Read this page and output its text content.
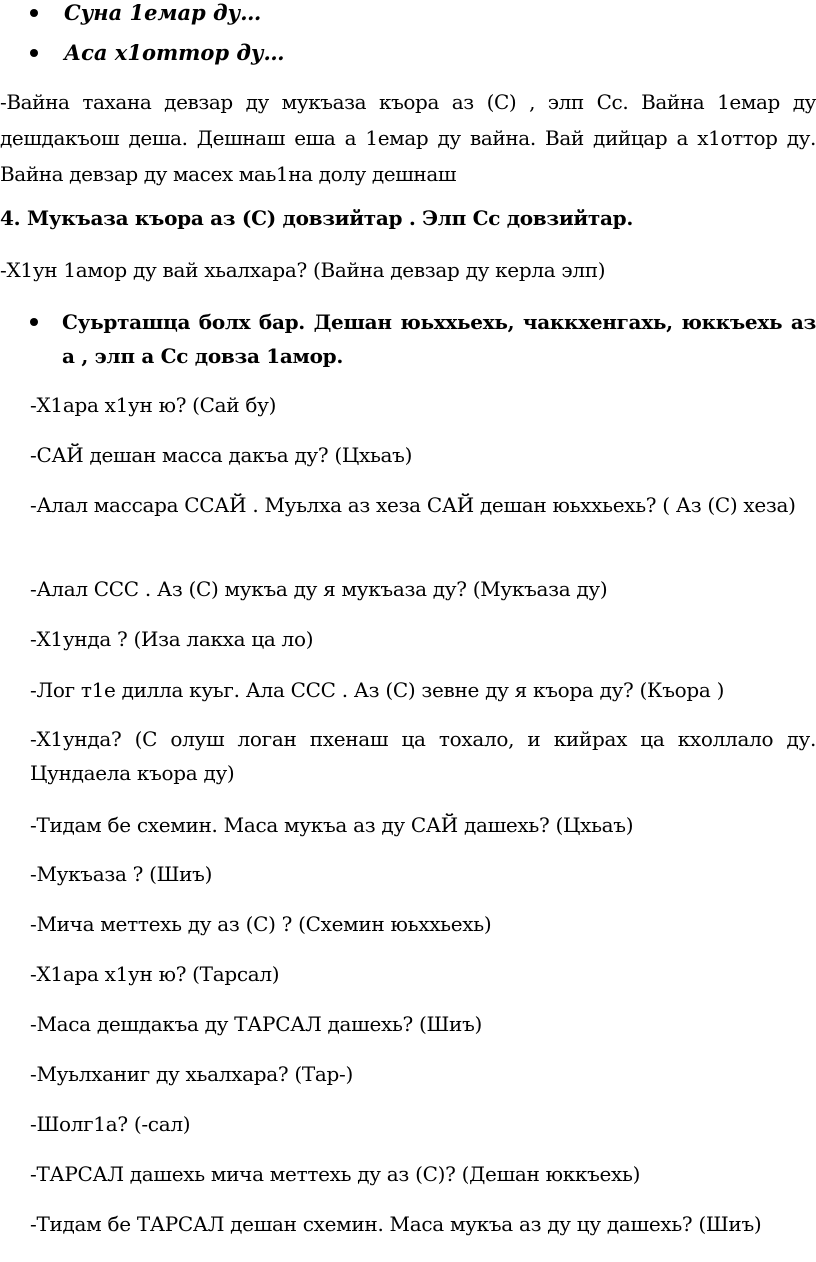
Суна 1емар ду…
Аса х1оттор ду…

-Вайна тахана девзар ду мукъаза къора аз (С) , элп Сс. Вайна 1емар ду дешдакъош деша. Дешнаш еша а 1емар ду вайна. Вай дийцар а х1оттор ду. Вайна девзар ду масех маь1на долу дешнаш

4. Мукъаза къора аз (С) довзийтар . Элп Сс довзийтар.
-Х1ун 1амор ду вай хьалхара? (Вайна девзар ду керла элп)
Суьрташца болх бар. Дешан юьххьехь, чаккхенгахь, юккъехь аз а , элп а Сс довза 1амор.
-Х1ара х1ун ю? (Сай бу)
-САЙ дешан масса дакъа ду? (Цхьаъ)
-Алал массара ССАЙ . Муьлха аз хеза САЙ дешан юьххьехь? ( Аз (С) хеза)
-Алал ССС . Аз (С) мукъа ду я мукъаза ду? (Мукъаза ду)
-Х1унда ? (Иза лакха ца ло)
-Лог т1е дилла куьг. Ала ССС . Аз (С) зевне ду я къора ду? (Къора )
-Х1унда? (С олуш логан пхенаш ца тохало, и кийрах ца кхоллало ду. Цундаела къора ду)
-Тидам бе схемин. Маса мукъа аз ду САЙ дашехь? (Цхьаъ)
-Мукъаза ? (Шиъ)
-Мича меттехь ду аз (С) ? (Схемин юьххьехь)
-Х1ара х1ун ю? (Тарсал)
-Маса дешдакъа ду ТАРСАЛ дашехь? (Шиъ)
-Муьлханиг ду хьалхара? (Тар-)
-Шолг1а? (-сал)
-ТАРСАЛ дашехь мича меттехь ду аз (С)? (Дешан юккъехь)
-Тидам бе ТАРСАЛ дешан схемин. Маса мукъа аз ду цу дашехь? (Шиъ)
